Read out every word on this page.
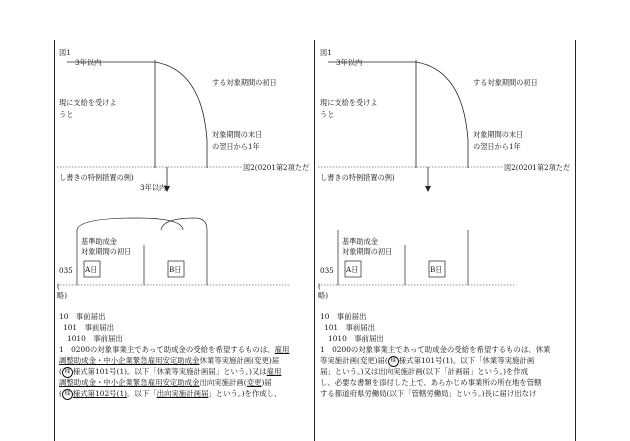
図1
3年以内
する対象期間の初日
現に支給を受けよ
うと
対象期間の末日
の翌日から1年
図2(0201第2項ただ
し書きの特例措置の例)
3年以内
基準助成金
対象期間の初日
035 A日	B日
(
略)
10　事前届出
101　事前届出
1010　事前届出
1　0200の対象事業主であって助成金の受給を希望するものは、雇用
調整助成金・中小企業緊急雇用安定助成金休業等実施計画(変更)届
( 様 様式第101号(1)。以下「休業等実施計画届」という。)又は雇用
調整助成金・中小企業緊急雇用安定助成金出向実施計画(変更)届
( 様 様式第102号(1)。以下「出向実施計画届」という。)を作成し、
図1
3年以内
する対象期間の初日
現に支給を受けよ
うと
対象期間の末日
の翌日から1年
図2(0201第2項ただ
し書きの特例措置の例)
基準助成金
対象期間の初日
035 A日	B日
(
略)
10　事前届出
101　事前届出
1010　事前届出
1　0200の対象事業主であって助成金の受給を希望するものは、休業
等実施計画(変更)届( 様 様式第101号(1)。以下「休業等実施計画
届」という。)又は出向実施計画(以下「計画届」という。)を作成
し、必要な書類を添付した上で、あらかじめ事業所の所在地を管轄
する都道府県労働局(以下「管轄労働局」という。)長に届け出なけ
